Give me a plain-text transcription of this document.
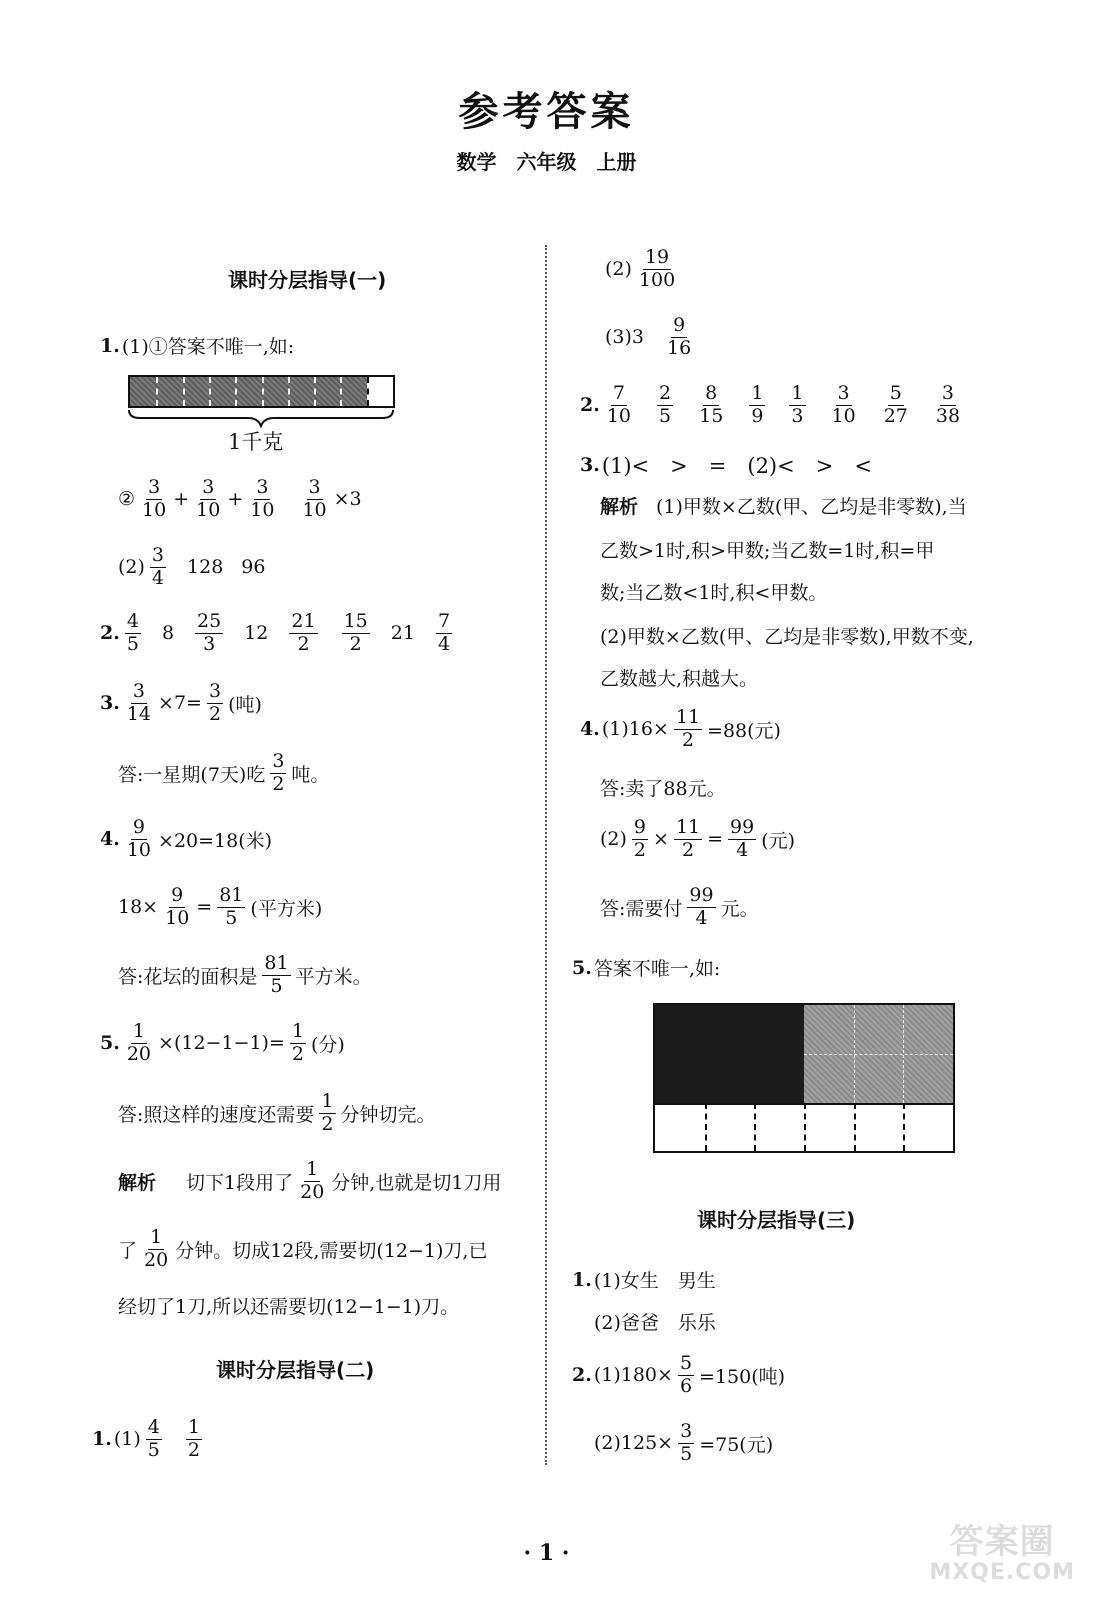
参考答案
数学　六年级　上册
课时分层指导(一)
1. (1)①答案不唯一,如:
1千克
② $\frac{3}{10} + \frac{3}{10} + \frac{3}{10} \frac{3}{10} \times 3$
$(2) \frac{3}{4} 128$ 96
2. $\frac{4}{5} 8 \frac{25}{3} 12 \frac{21}{2} \frac{15}{2} 21 \frac{7}{4}$
3. $\frac{3}{14} \times 7= \frac{3}{2}$ (吨)
答:一星期(7天)吃 $\frac{3}{2}$ 吨。
4. $\frac{9}{10} \times 20=18$(米)
$18\times \frac{9}{10} = \frac{81}{5}$ (平方米)
答:花坛的面积是 $\frac{81}{5}$ 平方米。
5. $\frac{1}{20} \times(12-1-1)= \frac{1}{2}$ (分)
答:照这样的速度还需要 $\frac{1}{2}$ 分钟切完。
解析 切下1段用了 $\frac{1}{20}$ 分钟,也就是切1刀用
了 $\frac{1}{20}$ 分钟。切成12段,需要切(12−1)刀,已
经切了1刀,所以还需要切(12−1−1)刀。
课时分层指导(二)
1. $(1) \frac{4}{5} \frac{1}{2}$
$(2) \frac{19}{100}$
$(3)3 \frac{9}{16}$
2. $\frac{7}{10} \frac{2}{5} \frac{8}{15} \frac{1}{9} \frac{1}{3} \frac{3}{10} \frac{5}{27} \frac{3}{38}$
3. (1)<　>　=　(2)<　>　<
解析 (1)甲数×乙数(甲、乙均是非零数),当
乙数>1时,积>甲数;当乙数=1时,积=甲
数;当乙数<1时,积<甲数。
(2)甲数×乙数(甲、乙均是非零数),甲数不变,
乙数越大,积越大。
4. $(1)16\times \frac{11}{2} =88$(元)
答:卖了88元。
$(2) \frac{9}{2} \times \frac{11}{2} = \frac{99}{4}$ (元)
答:需要付 $\frac{99}{4}$ 元。
5. 答案不唯一,如:
课时分层指导(三)
1. (1)女生　男生
(2)爸爸　乐乐
2. $(1)180\times \frac{5}{6} =150$(吨)
$(2)125\times \frac{3}{5} =75$(元)
· 1 ·	答案圈
MXQE.COM
